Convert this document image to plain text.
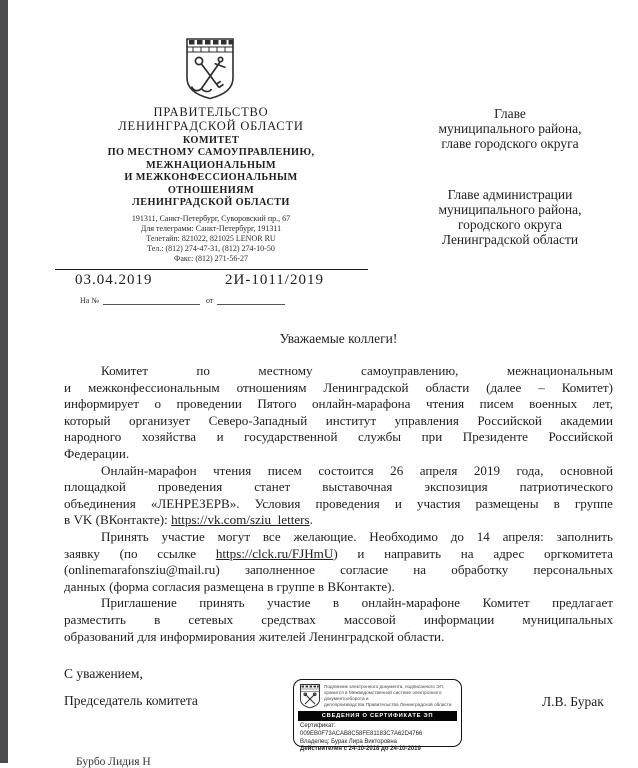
ПРАВИТЕЛЬСТВО
ЛЕНИНГРАДСКОЙ ОБЛАСТИ
КОМИТЕТ
ПО МЕСТНОМУ САМОУПРАВЛЕНИЮ,
МЕЖНАЦИОНАЛЬНЫМ
И МЕЖКОНФЕССИОНАЛЬНЫМ
ОТНОШЕНИЯМ
ЛЕНИНГРАДСКОЙ ОБЛАСТИ
191311, Санкт-Петербург, Суворовский пр., 67
Для телеграмм: Санкт-Петербург, 191311
Телетайп: 821022, 821025 LENOR RU
Тел.: (812) 274-47-31, (812) 274-10-50
Факс: (812) 271-56-27
03.04.2019	2И-1011/2019
На №	от
Главе
муниципального района,
главе городского округа
Главе администрации
муниципального района,
городского округа
Ленинградской области
Уважаемые коллеги!
Комитет по местному самоуправлению, межнациональным
и межконфессиональным отношениям Ленинградской области (далее – Комитет)
информирует о проведении Пятого онлайн-марафона чтения писем военных лет,
который организует Северо-Западный институт управления Российской академии
народного хозяйства и государственной службы при Президенте Российской
Федерации.
Онлайн-марафон чтения писем состоится 26 апреля 2019 года, основной
площадкой проведения станет выставочная экспозиция патриотического
объединения «ЛЕНРЕЗЕРВ». Условия проведения и участия размещены в группе
в VK (ВКонтакте): https://vk.com/sziu_letters.
Принять участие могут все желающие. Необходимо до 14 апреля: заполнить
заявку (по ссылке https://clck.ru/FJHmU) и направить на адрес оргкомитета
(onlinemarafonsziu@mail.ru) заполненное согласие на обработку персональных
данных (форма согласия размещена в группе в ВКонтакте).
Приглашение принять участие в онлайн-марафоне Комитет предлагает
разместить в сетевых средствах массовой информации муниципальных
образований для информирования жителей Ленинградской области.
С уважением,
Председатель комитета	Л.В. Бурак
Подлинник электронного документа, подписанного ЭП,
хранится в Межведомственной системе электронного документооборота и
делопроизводства Правительства Ленинградской области
СВЕДЕНИЯ О СЕРТИФИКАТЕ ЭП
Сертификат: 009EB0F73ACAB8C58FE81183C7A62D4766
Владелец: Бурак Лира Викторовна
Действителен с 24-10-2018 до 24-10-2019
Бурбо Лидия Н
